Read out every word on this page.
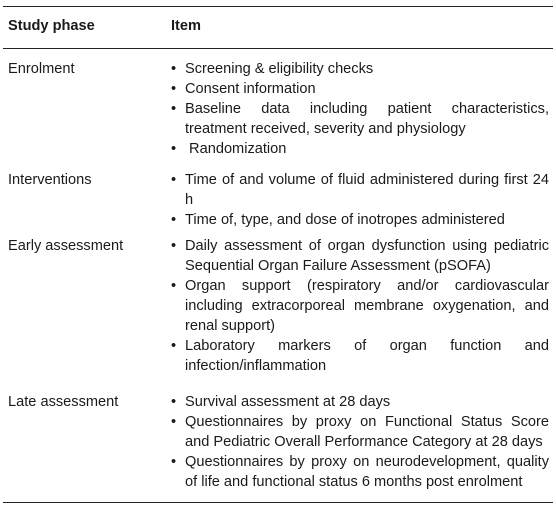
Study phase	Item
Enrolment	• Screening & eligibility checks
• Consent information
• Baseline data including patient characteristics, treatment received, severity and physiology
• Randomization
Interventions	• Time of and volume of fluid administered during first 24 h
• Time of, type, and dose of inotropes administered
Early assessment	• Daily assessment of organ dysfunction using pediatric Sequential Organ Failure Assessment (pSOFA)
• Organ support (respiratory and/or cardiovascular including extracorporeal membrane oxygenation, and renal support)
• Laboratory markers of organ function and infection/inflammation
Late assessment	• Survival assessment at 28 days
• Questionnaires by proxy on Functional Status Score and Pediatric Overall Performance Category at 28 days
• Questionnaires by proxy on neurodevelopment, quality of life and functional status 6 months post enrolment
